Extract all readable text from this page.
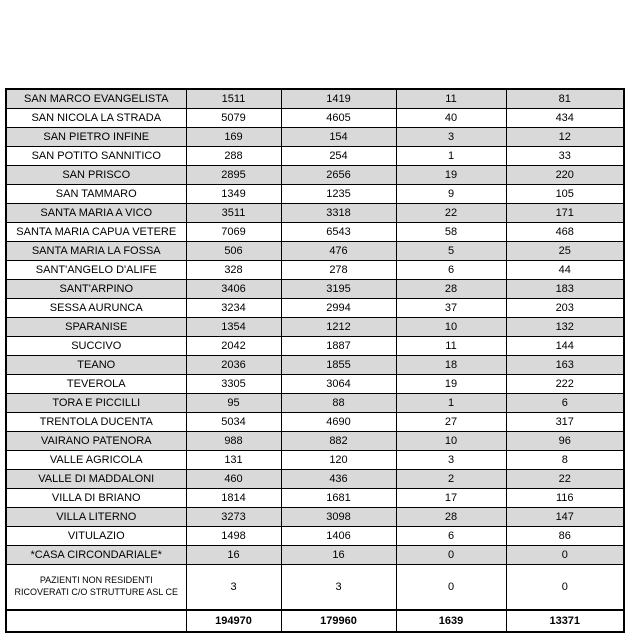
SAN MARCO EVANGELISTA	1511	1419	11	81
SAN NICOLA LA STRADA	5079	4605	40	434
SAN PIETRO INFINE	169	154	3	12
SAN POTITO SANNITICO	288	254	1	33
SAN PRISCO	2895	2656	19	220
SAN TAMMARO	1349	1235	9	105
SANTA MARIA A VICO	3511	3318	22	171
SANTA MARIA CAPUA VETERE	7069	6543	58	468
SANTA MARIA LA FOSSA	506	476	5	25
SANT'ANGELO D'ALIFE	328	278	6	44
SANT'ARPINO	3406	3195	28	183
SESSA AURUNCA	3234	2994	37	203
SPARANISE	1354	1212	10	132
SUCCIVO	2042	1887	11	144
TEANO	2036	1855	18	163
TEVEROLA	3305	3064	19	222
TORA E PICCILLI	95	88	1	6
TRENTOLA DUCENTA	5034	4690	27	317
VAIRANO PATENORA	988	882	10	96
VALLE AGRICOLA	131	120	3	8
VALLE DI MADDALONI	460	436	2	22
VILLA DI BRIANO	1814	1681	17	116
VILLA LITERNO	3273	3098	28	147
VITULAZIO	1498	1406	6	86
*CASA CIRCONDARIALE*	16	16	0	0
PAZIENTI NON RESIDENTI RICOVERATI C/O STRUTTURE ASL CE	3	3	0	0
	194970	179960	1639	13371
